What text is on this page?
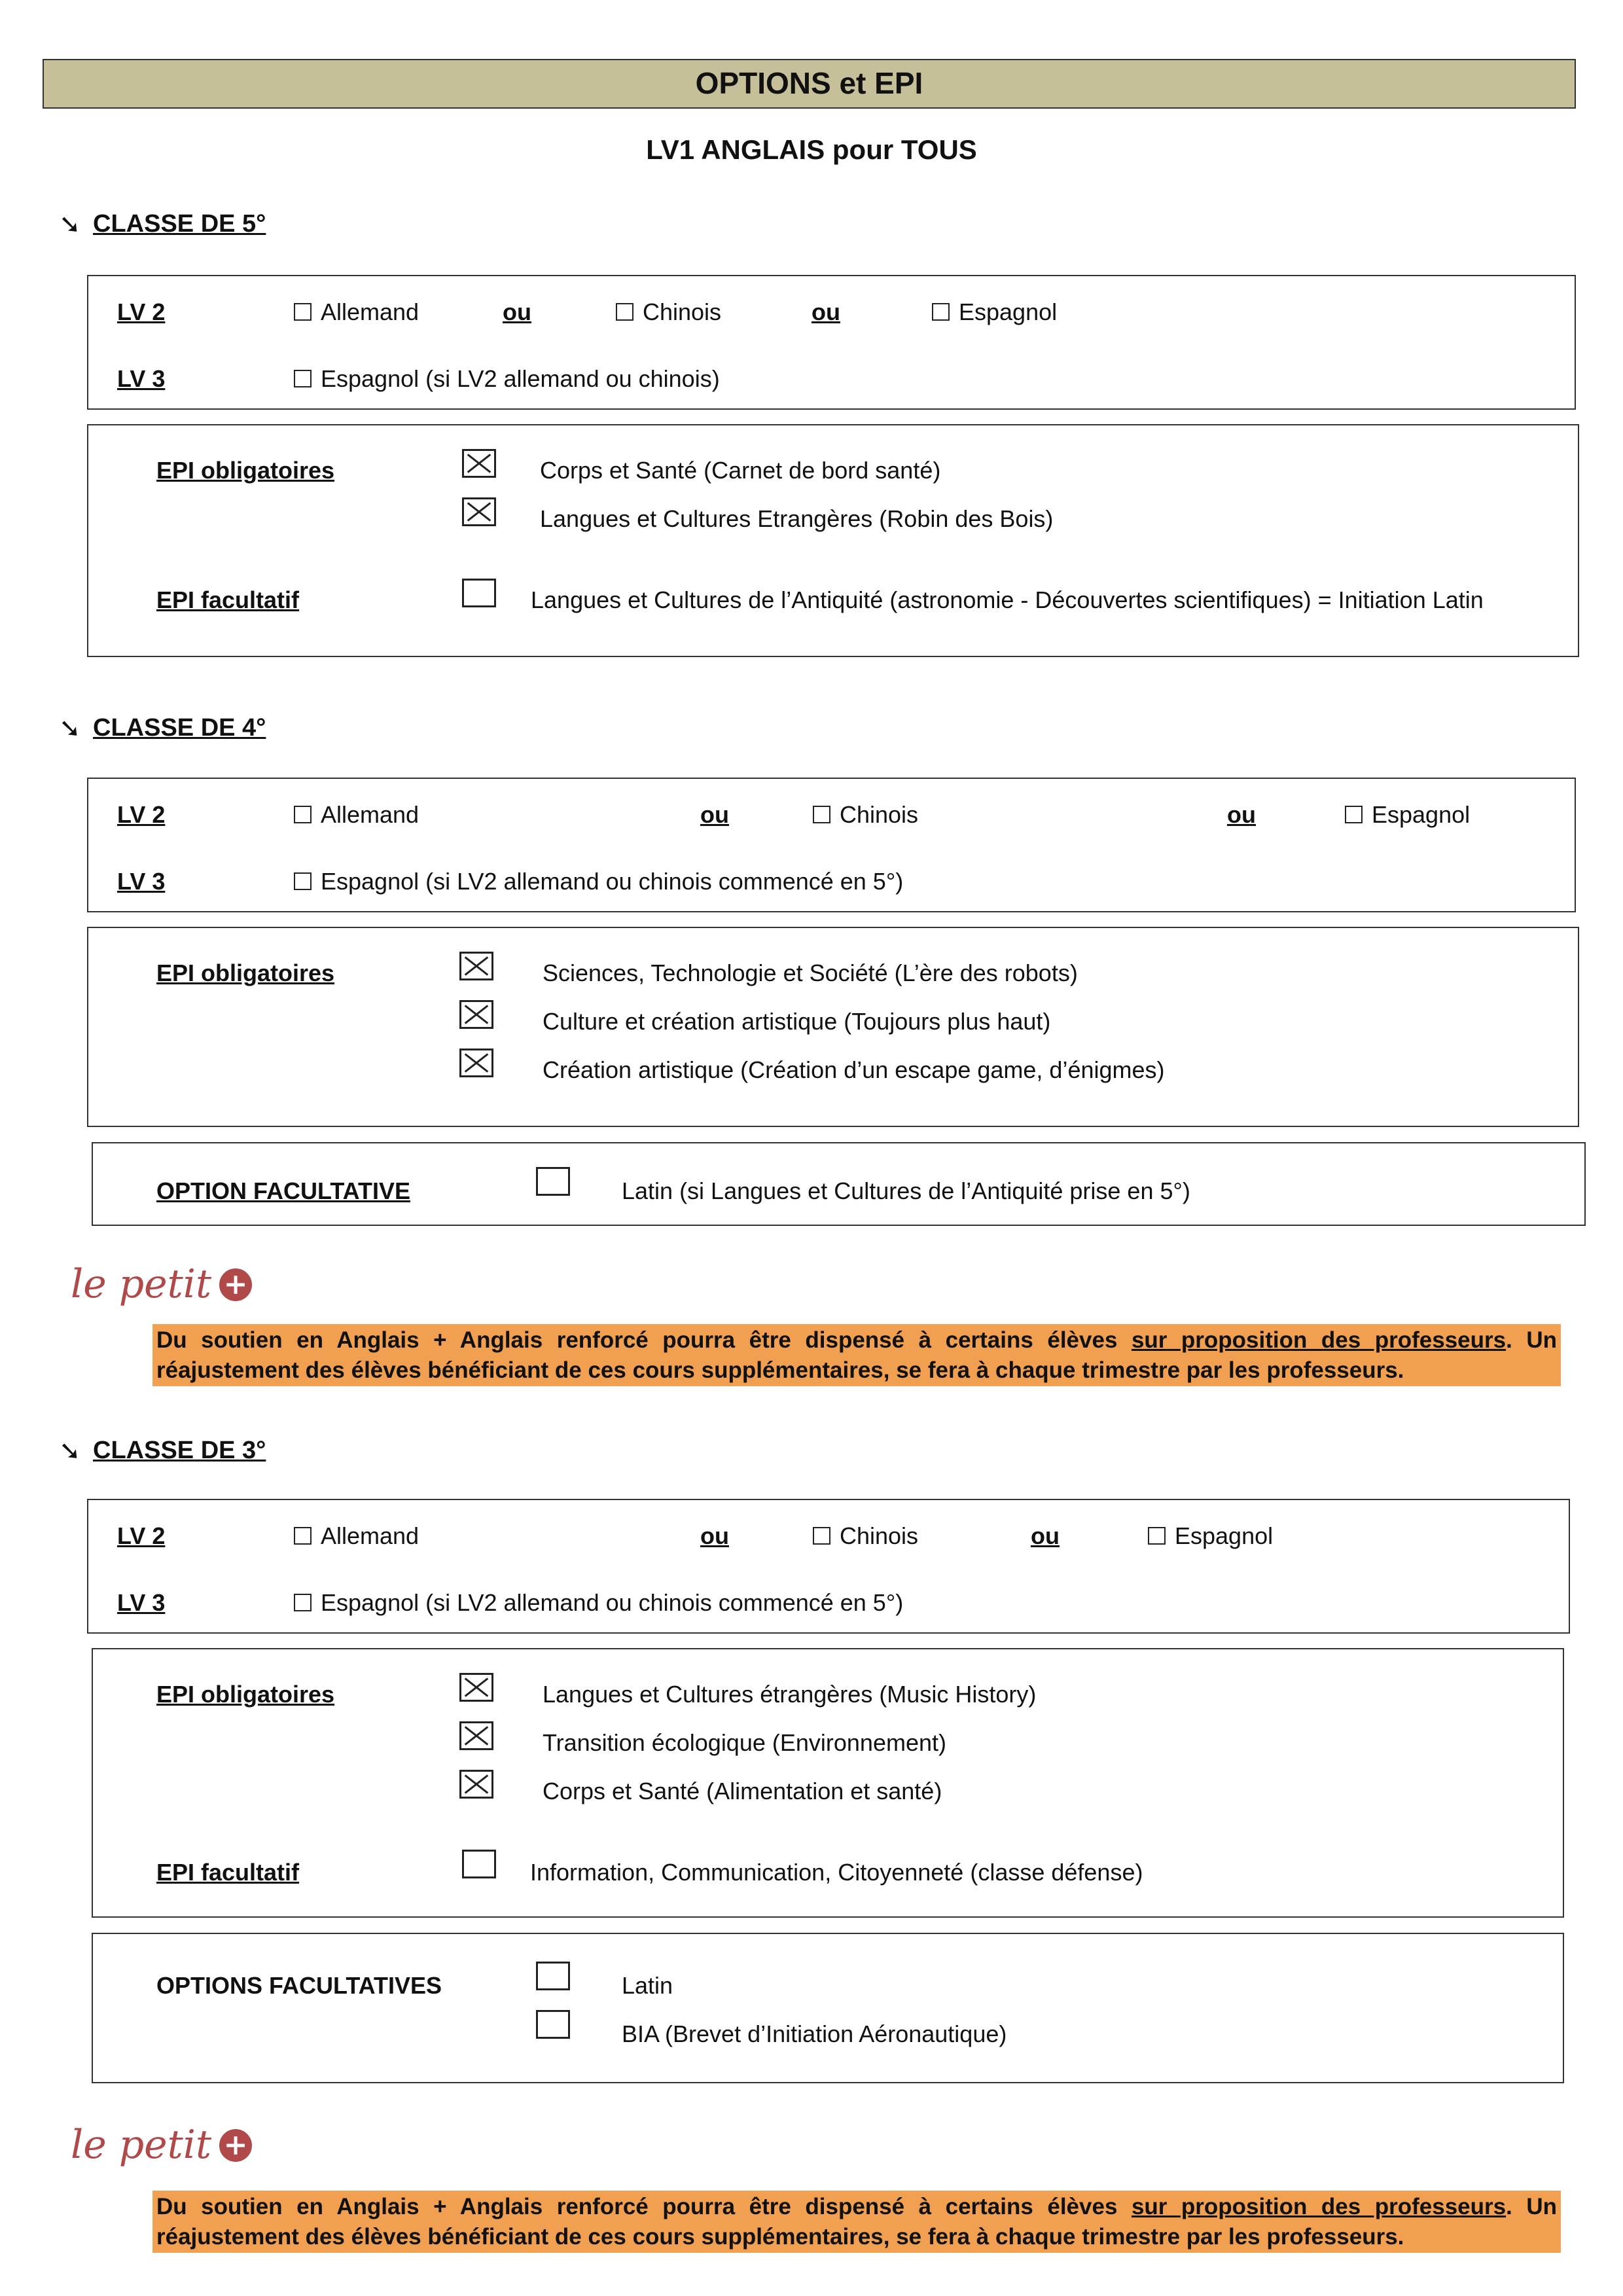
OPTIONS et EPI
LV1 ANGLAIS pour TOUS
➘ CLASSE DE 5°
LV 2	Allemand	ou	Chinois	ou	Espagnol
LV 3	Espagnol (si LV2 allemand ou chinois)
EPI obligatoires	Corps et Santé (Carnet de bord santé)
Langues et Cultures Etrangères (Robin des Bois)
EPI facultatif	Langues et Cultures de l’Antiquité (astronomie - Découvertes scientifiques) = Initiation Latin
➘ CLASSE DE 4°
LV 2	Allemand	ou	Chinois	ou	Espagnol
LV 3	Espagnol (si LV2 allemand ou chinois commencé en 5°)
EPI obligatoires	Sciences, Technologie et Société (L’ère des robots)
Culture et création artistique (Toujours plus haut)
Création artistique (Création d’un escape game, d’énigmes)
OPTION FACULTATIVE	Latin (si Langues et Cultures de l’Antiquité prise en 5°)
le petit +
Du soutien en Anglais + Anglais renforcé pourra être dispensé à certains élèves sur proposition des professeurs. Un réajustement des élèves bénéficiant de ces cours supplémentaires, se fera à chaque trimestre par les professeurs.
➘ CLASSE DE 3°
LV 2	Allemand	ou	Chinois	ou	Espagnol
LV 3	Espagnol (si LV2 allemand ou chinois commencé en 5°)
EPI obligatoires	Langues et Cultures étrangères (Music History)
Transition écologique (Environnement)
Corps et Santé (Alimentation et santé)
EPI facultatif	Information, Communication, Citoyenneté (classe défense)
OPTIONS FACULTATIVES	Latin
BIA (Brevet d’Initiation Aéronautique)
le petit +
Du soutien en Anglais + Anglais renforcé pourra être dispensé à certains élèves sur proposition des professeurs. Un réajustement des élèves bénéficiant de ces cours supplémentaires, se fera à chaque trimestre par les professeurs.
